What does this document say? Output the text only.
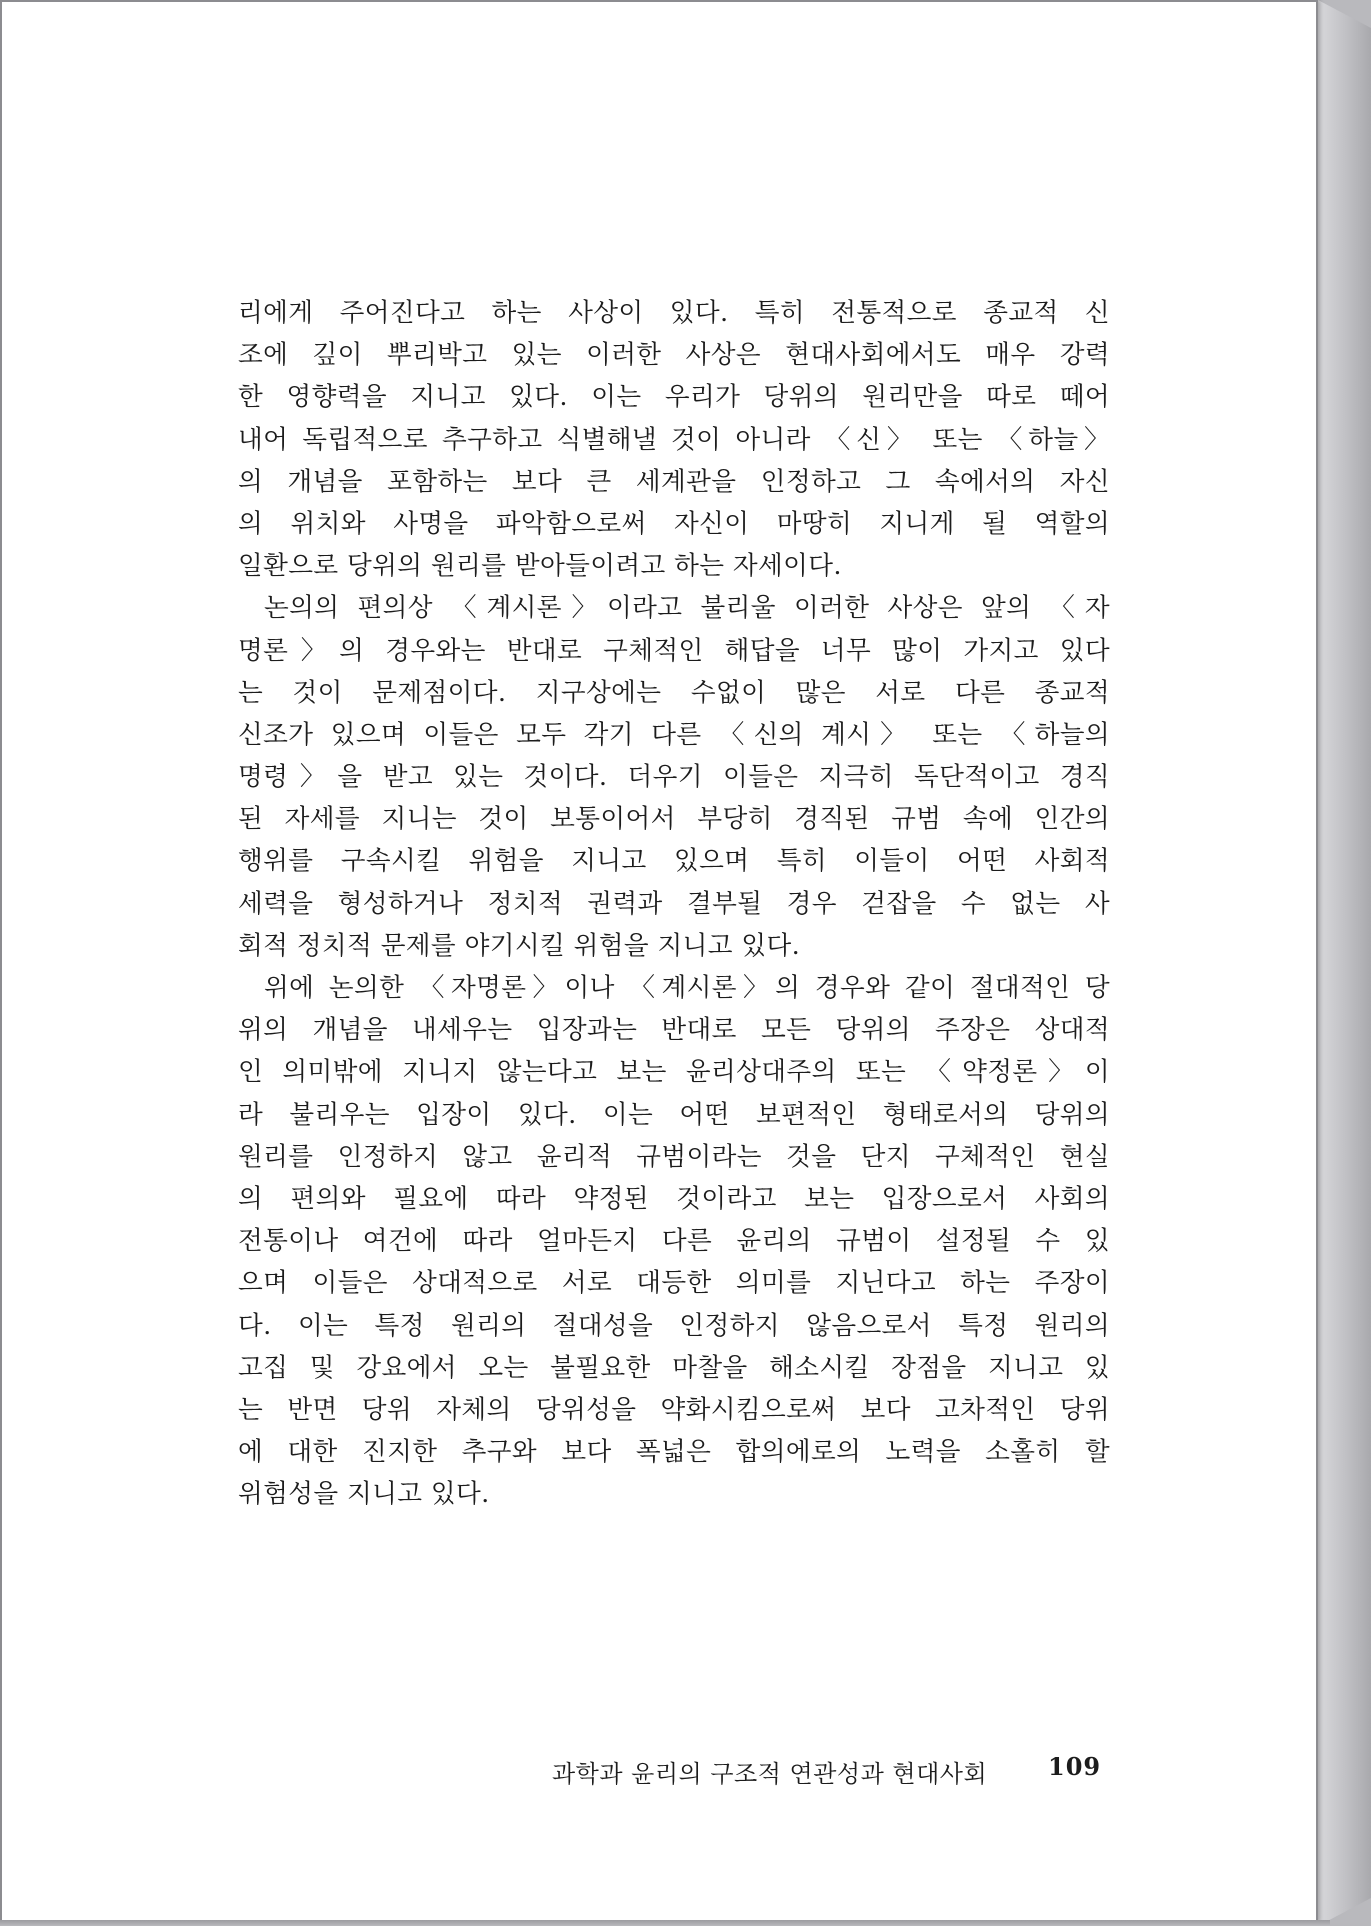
리에게 주어진다고 하는 사상이 있다. 특히 전통적으로 종교적 신
조에 깊이 뿌리박고 있는 이러한 사상은 현대사회에서도 매우 강력
한 영향력을 지니고 있다. 이는 우리가 당위의 원리만을 따로 떼어
내어 독립적으로 추구하고 식별해낼 것이 아니라 〈신〉 또는 〈하늘〉
의 개념을 포함하는 보다 큰 세계관을 인정하고 그 속에서의 자신
의 위치와 사명을 파악함으로써 자신이 마땅히 지니게 될 역할의
일환으로 당위의 원리를 받아들이려고 하는 자세이다.
논의의 편의상 〈계시론〉이라고 불리울 이러한 사상은 앞의 〈자
명론〉의 경우와는 반대로 구체적인 해답을 너무 많이 가지고 있다
는 것이 문제점이다. 지구상에는 수없이 많은 서로 다른 종교적
신조가 있으며 이들은 모두 각기 다른 〈신의 계시〉 또는 〈하늘의
명령〉을 받고 있는 것이다. 더우기 이들은 지극히 독단적이고 경직
된 자세를 지니는 것이 보통이어서 부당히 경직된 규범 속에 인간의
행위를 구속시킬 위험을 지니고 있으며 특히 이들이 어떤 사회적
세력을 형성하거나 정치적 권력과 결부될 경우 걷잡을 수 없는 사
회적 정치적 문제를 야기시킬 위험을 지니고 있다.
위에 논의한 〈자명론〉이나 〈계시론〉의 경우와 같이 절대적인 당
위의 개념을 내세우는 입장과는 반대로 모든 당위의 주장은 상대적
인 의미밖에 지니지 않는다고 보는 윤리상대주의 또는 〈약정론〉이
라 불리우는 입장이 있다. 이는 어떤 보편적인 형태로서의 당위의
원리를 인정하지 않고 윤리적 규범이라는 것을 단지 구체적인 현실
의 편의와 필요에 따라 약정된 것이라고 보는 입장으로서 사회의
전통이나 여건에 따라 얼마든지 다른 윤리의 규범이 설정될 수 있
으며 이들은 상대적으로 서로 대등한 의미를 지닌다고 하는 주장이
다. 이는 특정 원리의 절대성을 인정하지 않음으로서 특정 원리의
고집 및 강요에서 오는 불필요한 마찰을 해소시킬 장점을 지니고 있
는 반면 당위 자체의 당위성을 약화시킴으로써 보다 고차적인 당위
에 대한 진지한 추구와 보다 폭넓은 합의에로의 노력을 소홀히 할
위험성을 지니고 있다.
과학과 윤리의 구조적 연관성과 현대사회	109
